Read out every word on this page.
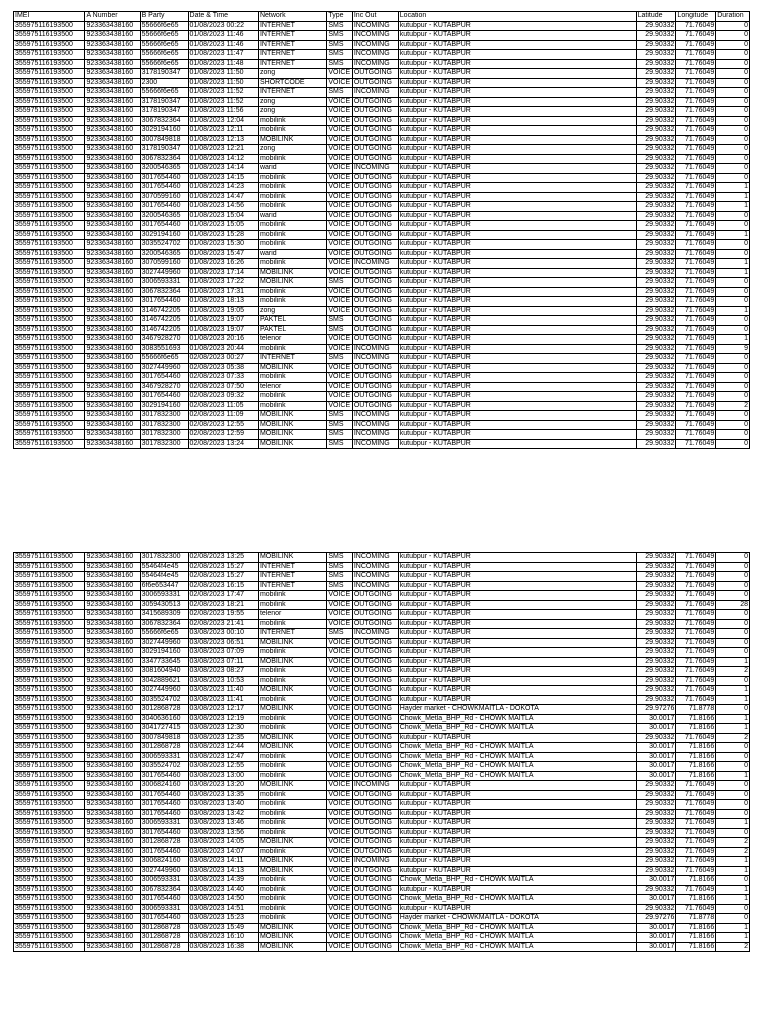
IMEI	A Number	B Party	Date & Time	Network	Type	Inc Out	Location	Latitude	Longitude	Duration
355975116193500	923363438160	55666f6e65	01/08/2023 00:22	INTERNET	SMS	INCOMING	kutubpur - KUTABPUR	29.90332	71.76049	0
355975116193500	923363438160	55666f6e65	01/08/2023 11:46	INTERNET	SMS	INCOMING	kutubpur - KUTABPUR	29.90332	71.76049	0
355975116193500	923363438160	55666f6e65	01/08/2023 11:46	INTERNET	SMS	INCOMING	kutubpur - KUTABPUR	29.90332	71.76049	0
355975116193500	923363438160	55666f6e65	01/08/2023 11:47	INTERNET	SMS	INCOMING	kutubpur - KUTABPUR	29.90332	71.76049	0
355975116193500	923363438160	55666f6e65	01/08/2023 11:48	INTERNET	SMS	INCOMING	kutubpur - KUTABPUR	29.90332	71.76049	0
355975116193500	923363438160	3178190347	01/08/2023 11:50	zong	VOICE	OUTGOING	kutubpur - KUTABPUR	29.90332	71.76049	0
355975116193500	923363438160	2300	01/08/2023 11:50	SHORTCODE	VOICE	OUTGOING	kutubpur - KUTABPUR	29.90332	71.76049	0
355975116193500	923363438160	55666f6e65	01/08/2023 11:52	INTERNET	SMS	INCOMING	kutubpur - KUTABPUR	29.90332	71.76049	0
355975116193500	923363438160	3178190347	01/08/2023 11:52	zong	VOICE	OUTGOING	kutubpur - KUTABPUR	29.90332	71.76049	0
355975116193500	923363438160	3178190347	01/08/2023 11:56	zong	VOICE	OUTGOING	kutubpur - KUTABPUR	29.90332	71.76049	0
355975116193500	923363438160	3067832364	01/08/2023 12:04	mobilink	VOICE	OUTGOING	kutubpur - KUTABPUR	29.90332	71.76049	0
355975116193500	923363438160	3029194160	01/08/2023 12:11	mobilink	VOICE	OUTGOING	kutubpur - KUTABPUR	29.90332	71.76049	0
355975116193500	923363438160	3007849818	01/08/2023 12:13	MOBILINK	VOICE	OUTGOING	kutubpur - KUTABPUR	29.90332	71.76049	0
355975116193500	923363438160	3178190347	01/08/2023 12:21	zong	VOICE	OUTGOING	kutubpur - KUTABPUR	29.90332	71.76049	0
355975116193500	923363438160	3067832364	01/08/2023 14:12	mobilink	VOICE	OUTGOING	kutubpur - KUTABPUR	29.90332	71.76049	0
355975116193500	923363438160	3200546365	01/08/2023 14:14	warid	VOICE	INCOMING	kutubpur - KUTABPUR	29.90332	71.76049	0
355975116193500	923363438160	3017654460	01/08/2023 14:15	mobilink	VOICE	OUTGOING	kutubpur - KUTABPUR	29.90332	71.76049	0
355975116193500	923363438160	3017654460	01/08/2023 14:23	mobilink	VOICE	OUTGOING	kutubpur - KUTABPUR	29.90332	71.76049	1
355975116193500	923363438160	3070599160	01/08/2023 14:47	mobilink	VOICE	OUTGOING	kutubpur - KUTABPUR	29.90332	71.76049	1
355975116193500	923363438160	3017654460	01/08/2023 14:56	mobilink	VOICE	OUTGOING	kutubpur - KUTABPUR	29.90332	71.76049	1
355975116193500	923363438160	3200546365	01/08/2023 15:04	warid	VOICE	OUTGOING	kutubpur - KUTABPUR	29.90332	71.76049	0
355975116193500	923363438160	3017654460	01/08/2023 15:05	mobilink	VOICE	OUTGOING	kutubpur - KUTABPUR	29.90332	71.76049	0
355975116193500	923363438160	3029194160	01/08/2023 15:28	mobilink	VOICE	OUTGOING	kutubpur - KUTABPUR	29.90332	71.76049	1
355975116193500	923363438160	3035524702	01/08/2023 15:30	mobilink	VOICE	OUTGOING	kutubpur - KUTABPUR	29.90332	71.76049	0
355975116193500	923363438160	3200546365	01/08/2023 15:47	warid	VOICE	OUTGOING	kutubpur - KUTABPUR	29.90332	71.76049	0
355975116193500	923363438160	3070599160	01/08/2023 16:26	mobilink	VOICE	INCOMING	kutubpur - KUTABPUR	29.90332	71.76049	1
355975116193500	923363438160	3027449960	01/08/2023 17:14	MOBILINK	VOICE	OUTGOING	kutubpur - KUTABPUR	29.90332	71.76049	1
355975116193500	923363438160	3006593331	01/08/2023 17:22	MOBILINK	SMS	OUTGOING	kutubpur - KUTABPUR	29.90332	71.76049	0
355975116193500	923363438160	3067832364	01/08/2023 17:31	mobilink	VOICE	OUTGOING	kutubpur - KUTABPUR	29.90332	71.76049	0
355975116193500	923363438160	3017654460	01/08/2023 18:13	mobilink	VOICE	OUTGOING	kutubpur - KUTABPUR	29.90332	71.76049	0
355975116193500	923363438160	3146742205	01/08/2023 19:05	zong	VOICE	OUTGOING	kutubpur - KUTABPUR	29.90332	71.76049	1
355975116193500	923363438160	3146742205	01/08/2023 19:07	PAKTEL	SMS	OUTGOING	kutubpur - KUTABPUR	29.90332	71.76049	0
355975116193500	923363438160	3146742205	01/08/2023 19:07	PAKTEL	SMS	OUTGOING	kutubpur - KUTABPUR	29.90332	71.76049	0
355975116193500	923363438160	3467928270	01/08/2023 20:16	telenor	VOICE	OUTGOING	kutubpur - KUTABPUR	29.90332	71.76049	1
355975116193500	923363438160	3083551693	01/08/2023 20:44	mobilink	VOICE	INCOMING	kutubpur - KUTABPUR	29.90332	71.76049	9
355975116193500	923363438160	55666f6e65	02/08/2023 00:27	INTERNET	SMS	INCOMING	kutubpur - KUTABPUR	29.90332	71.76049	0
355975116193500	923363438160	3027449960	02/08/2023 05:38	MOBILINK	VOICE	OUTGOING	kutubpur - KUTABPUR	29.90332	71.76049	0
355975116193500	923363438160	3017654460	02/08/2023 07:33	mobilink	VOICE	OUTGOING	kutubpur - KUTABPUR	29.90332	71.76049	0
355975116193500	923363438160	3467928270	02/08/2023 07:50	telenor	VOICE	OUTGOING	kutubpur - KUTABPUR	29.90332	71.76049	0
355975116193500	923363438160	3017654460	02/08/2023 09:32	mobilink	VOICE	OUTGOING	kutubpur - KUTABPUR	29.90332	71.76049	0
355975116193500	923363438160	3029194160	02/08/2023 11:05	mobilink	VOICE	OUTGOING	kutubpur - KUTABPUR	29.90332	71.76049	2
355975116193500	923363438160	3017832300	02/08/2023 11:09	MOBILINK	SMS	INCOMING	kutubpur - KUTABPUR	29.90332	71.76049	0
355975116193500	923363438160	3017832300	02/08/2023 12:55	MOBILINK	SMS	INCOMING	kutubpur - KUTABPUR	29.90332	71.76049	0
355975116193500	923363438160	3017832300	02/08/2023 12:59	MOBILINK	SMS	INCOMING	kutubpur - KUTABPUR	29.90332	71.76049	0
355975116193500	923363438160	3017832300	02/08/2023 13:24	MOBILINK	SMS	INCOMING	kutubpur - KUTABPUR	29.90332	71.76049	0
355975116193500	923363438160	3017832300	02/08/2023 13:25	MOBILINK	SMS	INCOMING	kutubpur - KUTABPUR	29.90332	71.76049	0
355975116193500	923363438160	55464f4e45	02/08/2023 15:27	INTERNET	SMS	INCOMING	kutubpur - KUTABPUR	29.90332	71.76049	0
355975116193500	923363438160	55464f4e45	02/08/2023 15:27	INTERNET	SMS	INCOMING	kutubpur - KUTABPUR	29.90332	71.76049	0
355975116193500	923363438160	6f6e653447	02/08/2023 16:15	INTERNET	SMS	INCOMING	kutubpur - KUTABPUR	29.90332	71.76049	0
355975116193500	923363438160	3006593331	02/08/2023 17:47	mobilink	VOICE	OUTGOING	kutubpur - KUTABPUR	29.90332	71.76049	0
355975116193500	923363438160	3059430513	02/08/2023 18:21	mobilink	VOICE	OUTGOING	kutubpur - KUTABPUR	29.90332	71.76049	28
355975116193500	923363438160	3415689309	02/08/2023 19:55	telenor	VOICE	OUTGOING	kutubpur - KUTABPUR	29.90332	71.76049	0
355975116193500	923363438160	3067832364	02/08/2023 21:41	mobilink	VOICE	OUTGOING	kutubpur - KUTABPUR	29.90332	71.76049	0
355975116193500	923363438160	55666f6e65	03/08/2023 00:10	INTERNET	SMS	INCOMING	kutubpur - KUTABPUR	29.90332	71.76049	0
355975116193500	923363438160	3027449960	03/08/2023 06:51	MOBILINK	VOICE	OUTGOING	kutubpur - KUTABPUR	29.90332	71.76049	0
355975116193500	923363438160	3029194160	03/08/2023 07:09	mobilink	VOICE	OUTGOING	kutubpur - KUTABPUR	29.90332	71.76049	0
355975116193500	923363438160	3347733645	03/08/2023 07:11	MOBILINK	VOICE	OUTGOING	kutubpur - KUTABPUR	29.90332	71.76049	1
355975116193500	923363438160	3081604940	03/08/2023 08:27	mobilink	VOICE	OUTGOING	kutubpur - KUTABPUR	29.90332	71.76049	2
355975116193500	923363438160	3042889621	03/08/2023 10:53	mobilink	VOICE	OUTGOING	kutubpur - KUTABPUR	29.90332	71.76049	0
355975116193500	923363438160	3027449960	03/08/2023 11:40	MOBILINK	VOICE	OUTGOING	kutubpur - KUTABPUR	29.90332	71.76049	1
355975116193500	923363438160	3035524702	03/08/2023 11:41	mobilink	VOICE	OUTGOING	kutubpur - KUTABPUR	29.90332	71.76049	1
355975116193500	923363438160	3012868728	03/08/2023 12:17	MOBILINK	VOICE	OUTGOING	Hayder market - CHOWKMAITLA - DOKOTA	29.97276	71.8778	0
355975116193500	923363438160	3040636160	03/08/2023 12:19	mobilink	VOICE	OUTGOING	Chowk_Metla_BHP_Rd - CHOWK MAITLA	30.0017	71.8166	1
355975116193500	923363438160	3041727415	03/08/2023 12:30	mobilink	VOICE	OUTGOING	Chowk_Metla_BHP_Rd - CHOWK MAITLA	30.0017	71.8166	1
355975116193500	923363438160	3007849818	03/08/2023 12:35	MOBILINK	VOICE	OUTGOING	kutubpur - KUTABPUR	29.90332	71.76049	2
355975116193500	923363438160	3012868728	03/08/2023 12:44	MOBILINK	VOICE	OUTGOING	Chowk_Metla_BHP_Rd - CHOWK MAITLA	30.0017	71.8166	0
355975116193500	923363438160	3006593331	03/08/2023 12:47	mobilink	VOICE	OUTGOING	Chowk_Metla_BHP_Rd - CHOWK MAITLA	30.0017	71.8166	0
355975116193500	923363438160	3035524702	03/08/2023 12:55	mobilink	VOICE	OUTGOING	Chowk_Metla_BHP_Rd - CHOWK MAITLA	30.0017	71.8166	0
355975116193500	923363438160	3017654460	03/08/2023 13:00	mobilink	VOICE	OUTGOING	Chowk_Metla_BHP_Rd - CHOWK MAITLA	30.0017	71.8166	1
355975116193500	923363438160	3006824160	03/08/2023 13:20	MOBILINK	VOICE	INCOMING	kutubpur - KUTABPUR	29.90332	71.76049	0
355975116193500	923363438160	3017654460	03/08/2023 13:35	mobilink	VOICE	OUTGOING	kutubpur - KUTABPUR	29.90332	71.76049	0
355975116193500	923363438160	3017654460	03/08/2023 13:40	mobilink	VOICE	OUTGOING	kutubpur - KUTABPUR	29.90332	71.76049	0
355975116193500	923363438160	3017654460	03/08/2023 13:42	mobilink	VOICE	OUTGOING	kutubpur - KUTABPUR	29.90332	71.76049	0
355975116193500	923363438160	3006593331	03/08/2023 13:46	mobilink	VOICE	OUTGOING	kutubpur - KUTABPUR	29.90332	71.76049	1
355975116193500	923363438160	3017654460	03/08/2023 13:56	mobilink	VOICE	OUTGOING	kutubpur - KUTABPUR	29.90332	71.76049	0
355975116193500	923363438160	3012868728	03/08/2023 14:05	MOBILINK	VOICE	OUTGOING	kutubpur - KUTABPUR	29.90332	71.76049	2
355975116193500	923363438160	3017654460	03/08/2023 14:07	mobilink	VOICE	OUTGOING	kutubpur - KUTABPUR	29.90332	71.76049	2
355975116193500	923363438160	3006824160	03/08/2023 14:11	MOBILINK	VOICE	INCOMING	kutubpur - KUTABPUR	29.90332	71.76049	1
355975116193500	923363438160	3027449960	03/08/2023 14:13	MOBILINK	VOICE	OUTGOING	kutubpur - KUTABPUR	29.90332	71.76049	1
355975116193500	923363438160	3006593331	03/08/2023 14:39	mobilink	VOICE	OUTGOING	Chowk_Metla_BHP_Rd - CHOWK MAITLA	30.0017	71.8166	0
355975116193500	923363438160	3067832364	03/08/2023 14:40	mobilink	VOICE	OUTGOING	kutubpur - KUTABPUR	29.90332	71.76049	1
355975116193500	923363438160	3017654460	03/08/2023 14:50	mobilink	VOICE	OUTGOING	Chowk_Metla_BHP_Rd - CHOWK MAITLA	30.0017	71.8166	1
355975116193500	923363438160	3006593331	03/08/2023 14:51	mobilink	VOICE	OUTGOING	kutubpur - KUTABPUR	29.90332	71.76049	0
355975116193500	923363438160	3017654460	03/08/2023 15:23	mobilink	VOICE	OUTGOING	Hayder market - CHOWKMAITLA - DOKOTA	29.97276	71.8778	0
355975116193500	923363438160	3012868728	03/08/2023 15:49	MOBILINK	VOICE	OUTGOING	Chowk_Metla_BHP_Rd - CHOWK MAITLA	30.0017	71.8166	1
355975116193500	923363438160	3012868728	03/08/2023 16:10	MOBILINK	VOICE	OUTGOING	Chowk_Metla_BHP_Rd - CHOWK MAITLA	30.0017	71.8166	1
355975116193500	923363438160	3012868728	03/08/2023 16:38	MOBILINK	VOICE	OUTGOING	Chowk_Metla_BHP_Rd - CHOWK MAITLA	30.0017	71.8166	2
